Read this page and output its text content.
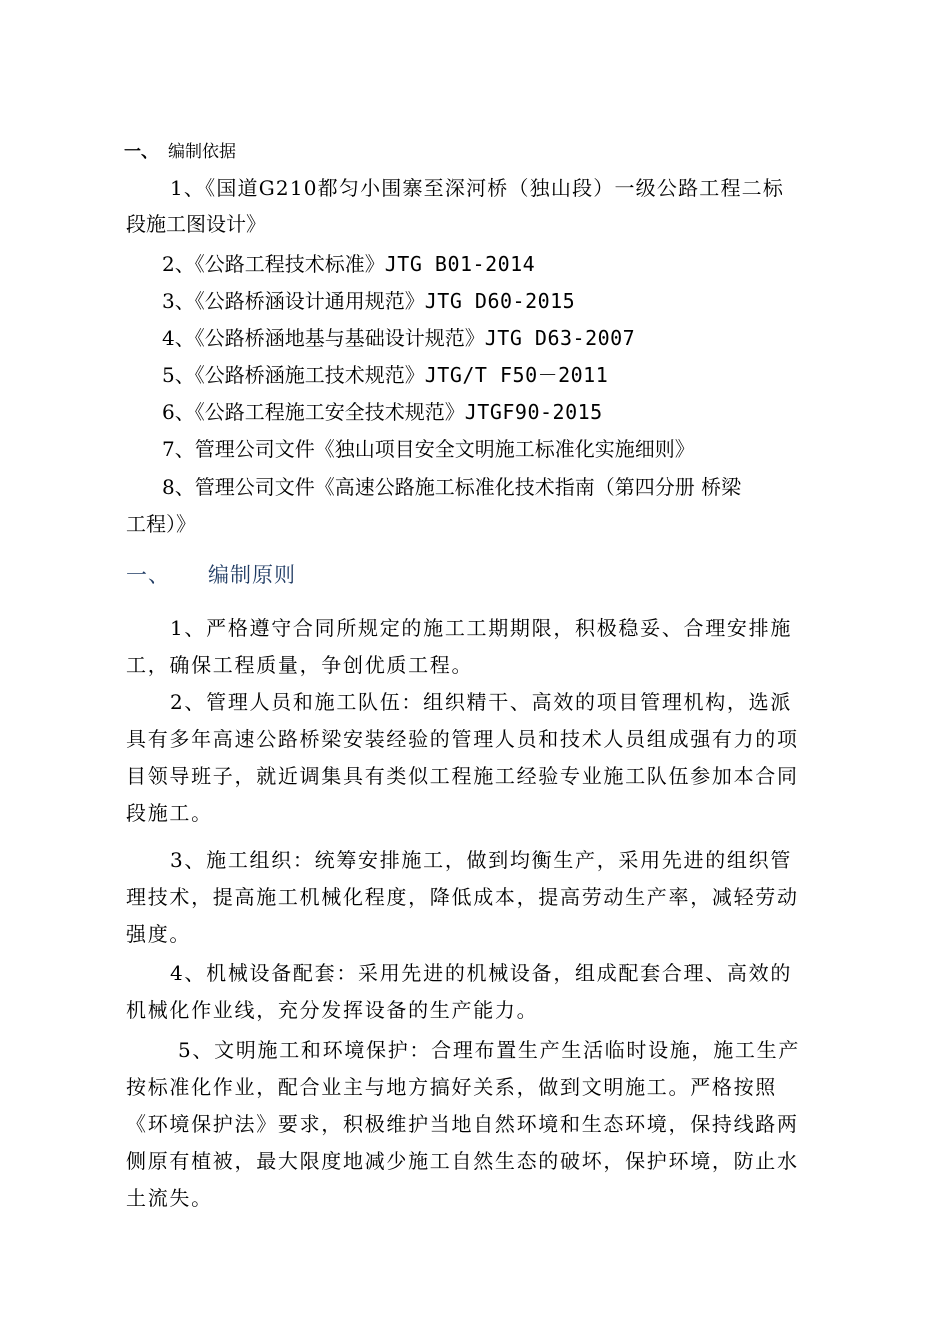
一、 编制依据
1、《国道G210都匀小围寨至深河桥（独山段）一级公路工程二标
段施工图设计》
2、《公路工程技术标准》JTG B01-2014
3、《公路桥涵设计通用规范》JTG D60-2015
4、《公路桥涵地基与基础设计规范》JTG D63-2007
5、《公路桥涵施工技术规范》JTG/T F50－2011
6、《公路工程施工安全技术规范》JTGF90-2015
7、管理公司文件《独山项目安全文明施工标准化实施细则》
8、管理公司文件《高速公路施工标准化技术指南（第四分册 桥梁
工程）》
一、 编制原则
1、严格遵守合同所规定的施工工期期限，积极稳妥、合理安排施
工，确保工程质量，争创优质工程。
2、管理人员和施工队伍：组织精干、高效的项目管理机构，选派
具有多年高速公路桥梁安装经验的管理人员和技术人员组成强有力的项
目领导班子，就近调集具有类似工程施工经验专业施工队伍参加本合同
段施工。
3、施工组织：统筹安排施工，做到均衡生产，采用先进的组织管
理技术，提高施工机械化程度，降低成本，提高劳动生产率，减轻劳动
强度。
4、机械设备配套：采用先进的机械设备，组成配套合理、高效的
机械化作业线，充分发挥设备的生产能力。
5、文明施工和环境保护：合理布置生产生活临时设施，施工生产
按标准化作业，配合业主与地方搞好关系，做到文明施工。严格按照
《环境保护法》要求，积极维护当地自然环境和生态环境，保持线路两
侧原有植被，最大限度地减少施工自然生态的破坏，保护环境，防止水
土流失。
